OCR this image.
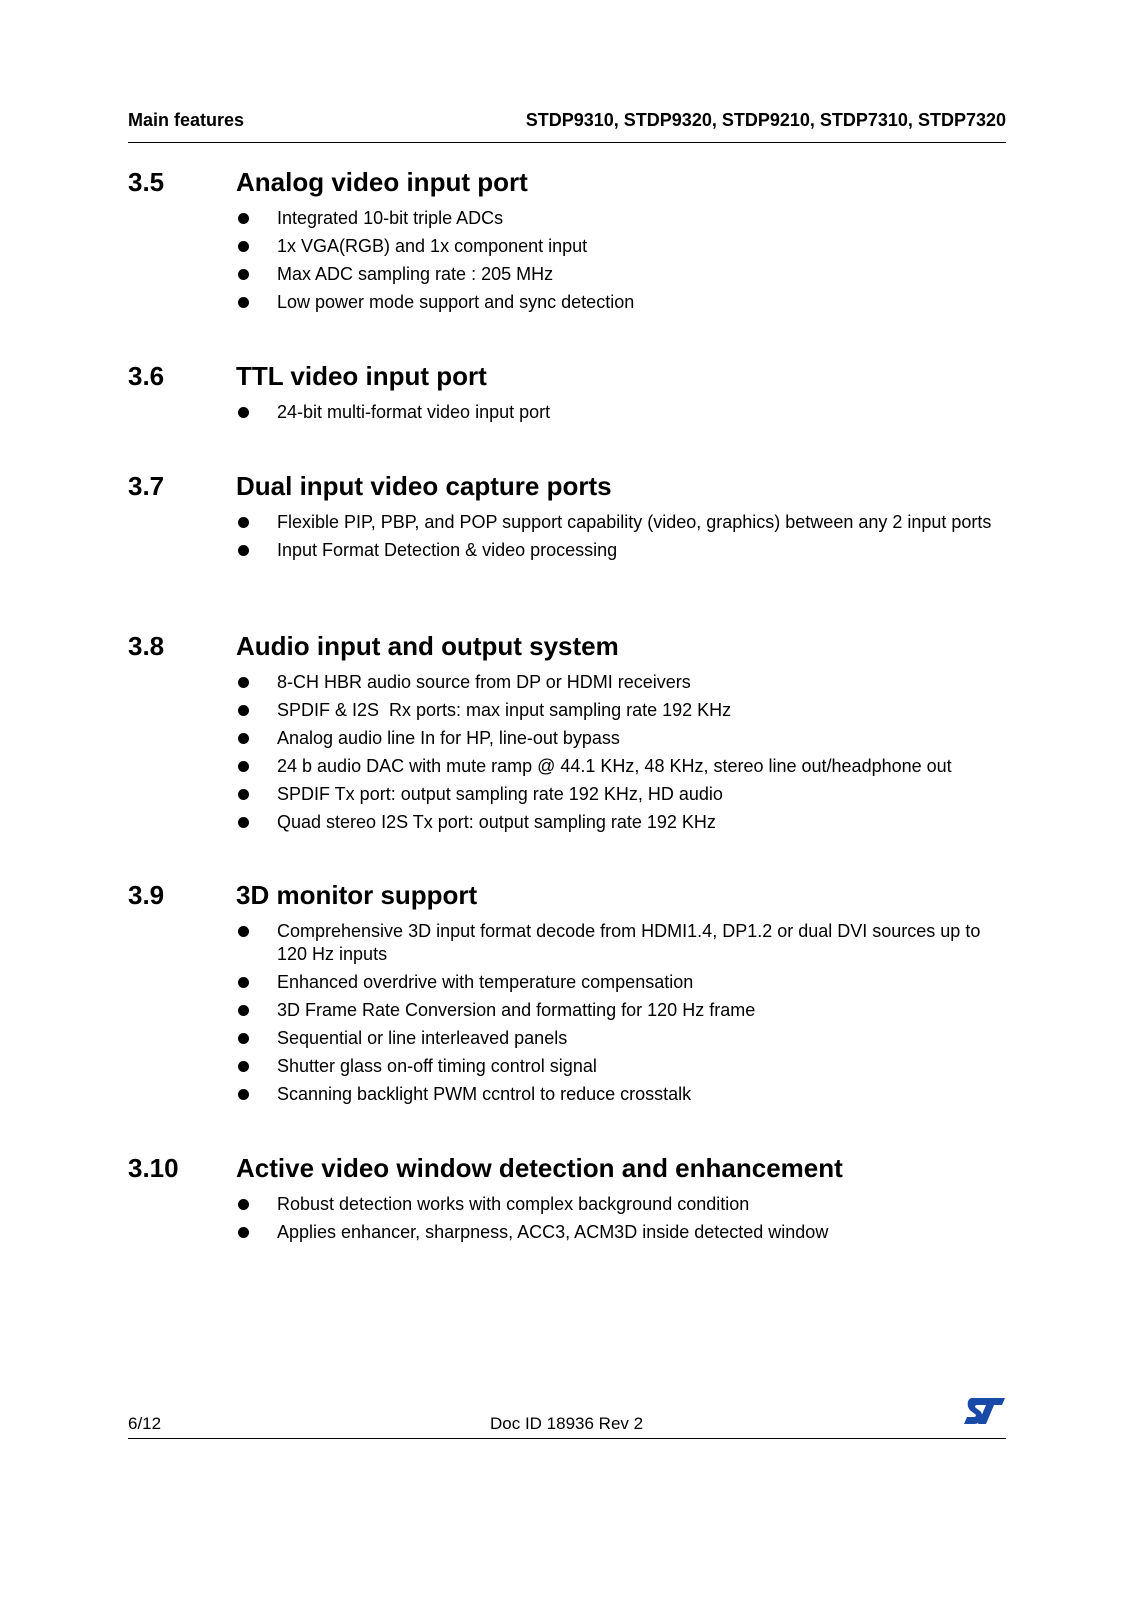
Main features	STDP9310, STDP9320, STDP9210, STDP7310, STDP7320
3.5	Analog video input port
Integrated 10-bit triple ADCs
1x VGA(RGB) and 1x component input
Max ADC sampling rate : 205 MHz
Low power mode support and sync detection
3.6	TTL video input port
24-bit multi-format video input port
3.7	Dual input video capture ports
Flexible PIP, PBP, and POP support capability (video, graphics) between any 2 input ports
Input Format Detection & video processing
3.8	Audio input and output system
8-CH HBR audio source from DP or HDMI receivers
SPDIF & I2S  Rx ports: max input sampling rate 192 KHz
Analog audio line In for HP, line-out bypass
24 b audio DAC with mute ramp @ 44.1 KHz, 48 KHz, stereo line out/headphone out
SPDIF Tx port: output sampling rate 192 KHz, HD audio
Quad stereo I2S Tx port: output sampling rate 192 KHz
3.9	3D monitor support
Comprehensive 3D input format decode from HDMI1.4, DP1.2 or dual DVI sources up to 120 Hz inputs
Enhanced overdrive with temperature compensation
3D Frame Rate Conversion and formatting for 120 Hz frame
Sequential or line interleaved panels
Shutter glass on-off timing control signal
Scanning backlight PWM ccntrol to reduce crosstalk
3.10 Active video window detection and enhancement
Robust detection works with complex background condition
Applies enhancer, sharpness, ACC3, ACM3D inside detected window
6/12	Doc ID 18936 Rev 2
